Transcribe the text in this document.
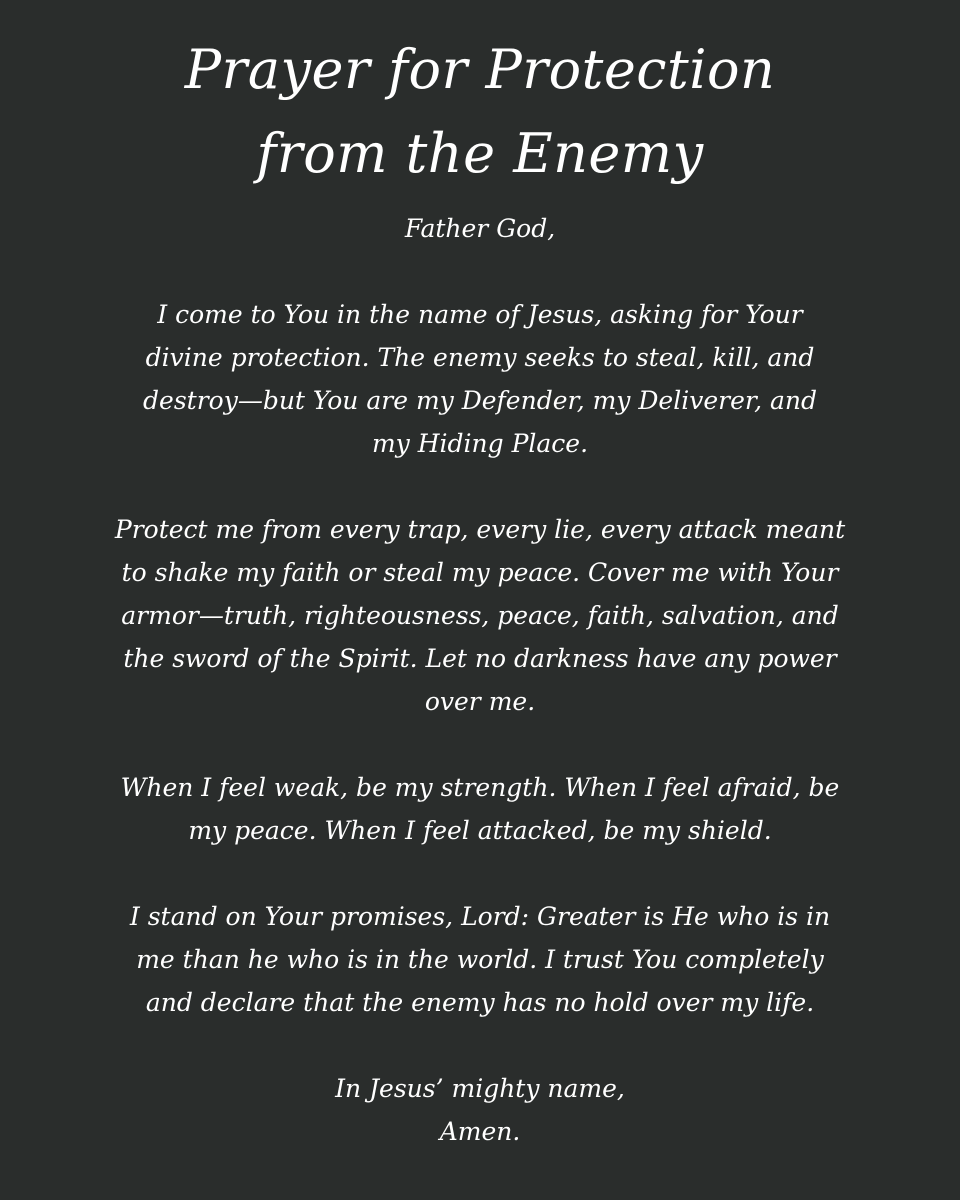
Prayer for Protection
from the Enemy

Father God,

I come to You in the name of Jesus, asking for Your
divine protection. The enemy seeks to steal, kill, and
destroy—but You are my Defender, my Deliverer, and
my Hiding Place.

Protect me from every trap, every lie, every attack meant
to shake my faith or steal my peace. Cover me with Your
armor—truth, righteousness, peace, faith, salvation, and
the sword of the Spirit. Let no darkness have any power
over me.

When I feel weak, be my strength. When I feel afraid, be
my peace. When I feel attacked, be my shield.

I stand on Your promises, Lord: Greater is He who is in
me than he who is in the world. I trust You completely
and declare that the enemy has no hold over my life.

In Jesus’ mighty name,
Amen.
